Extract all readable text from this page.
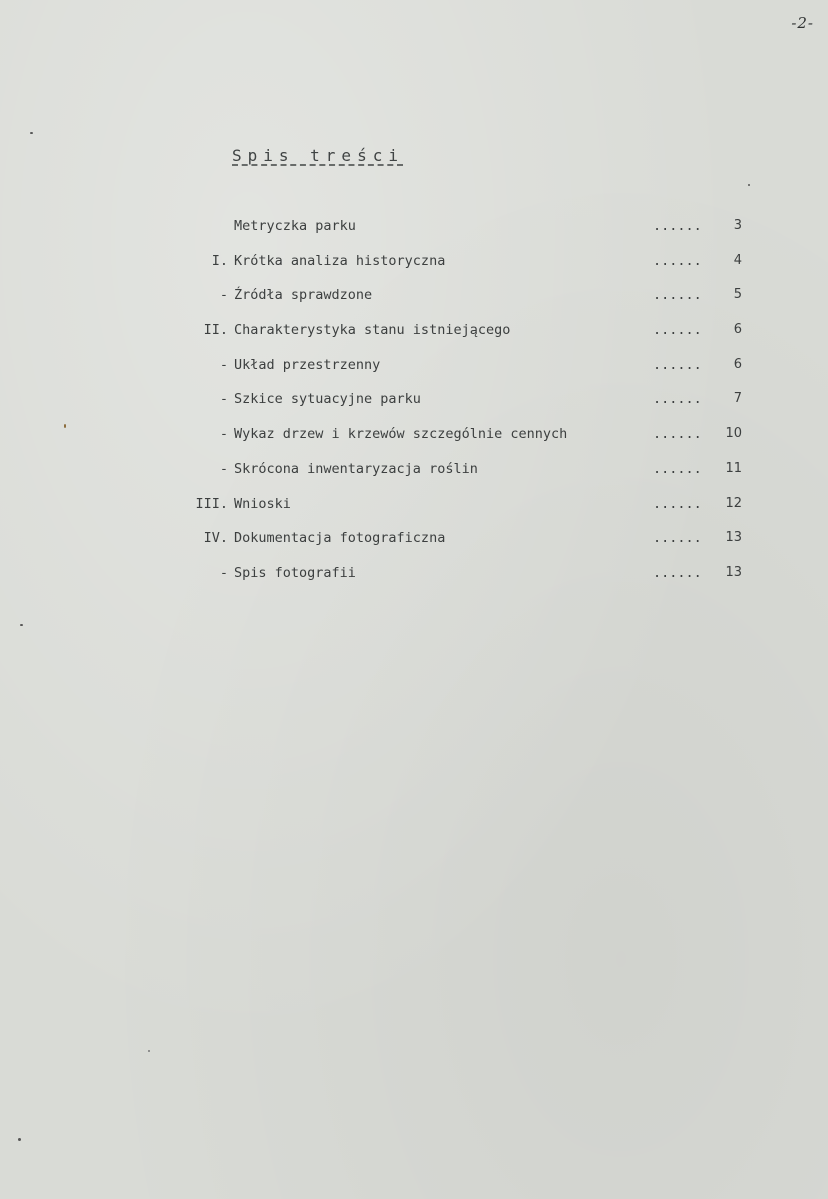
-2-
Spis treści
Metryczka parku	...... 3
I. Krótka analiza historyczna	...... 4
- Źródła sprawdzone	...... 5
II. Charakterystyka stanu istniejącego	...... 6
- Układ przestrzenny	...... 6
- Szkice sytuacyjne parku	...... 7
- Wykaz drzew i krzewów szczególnie cennych	...... 10
- Skrócona inwentaryzacja roślin	...... 11
III. Wnioski	...... 12
IV. Dokumentacja fotograficzna	...... 13
- Spis fotografii	...... 13
